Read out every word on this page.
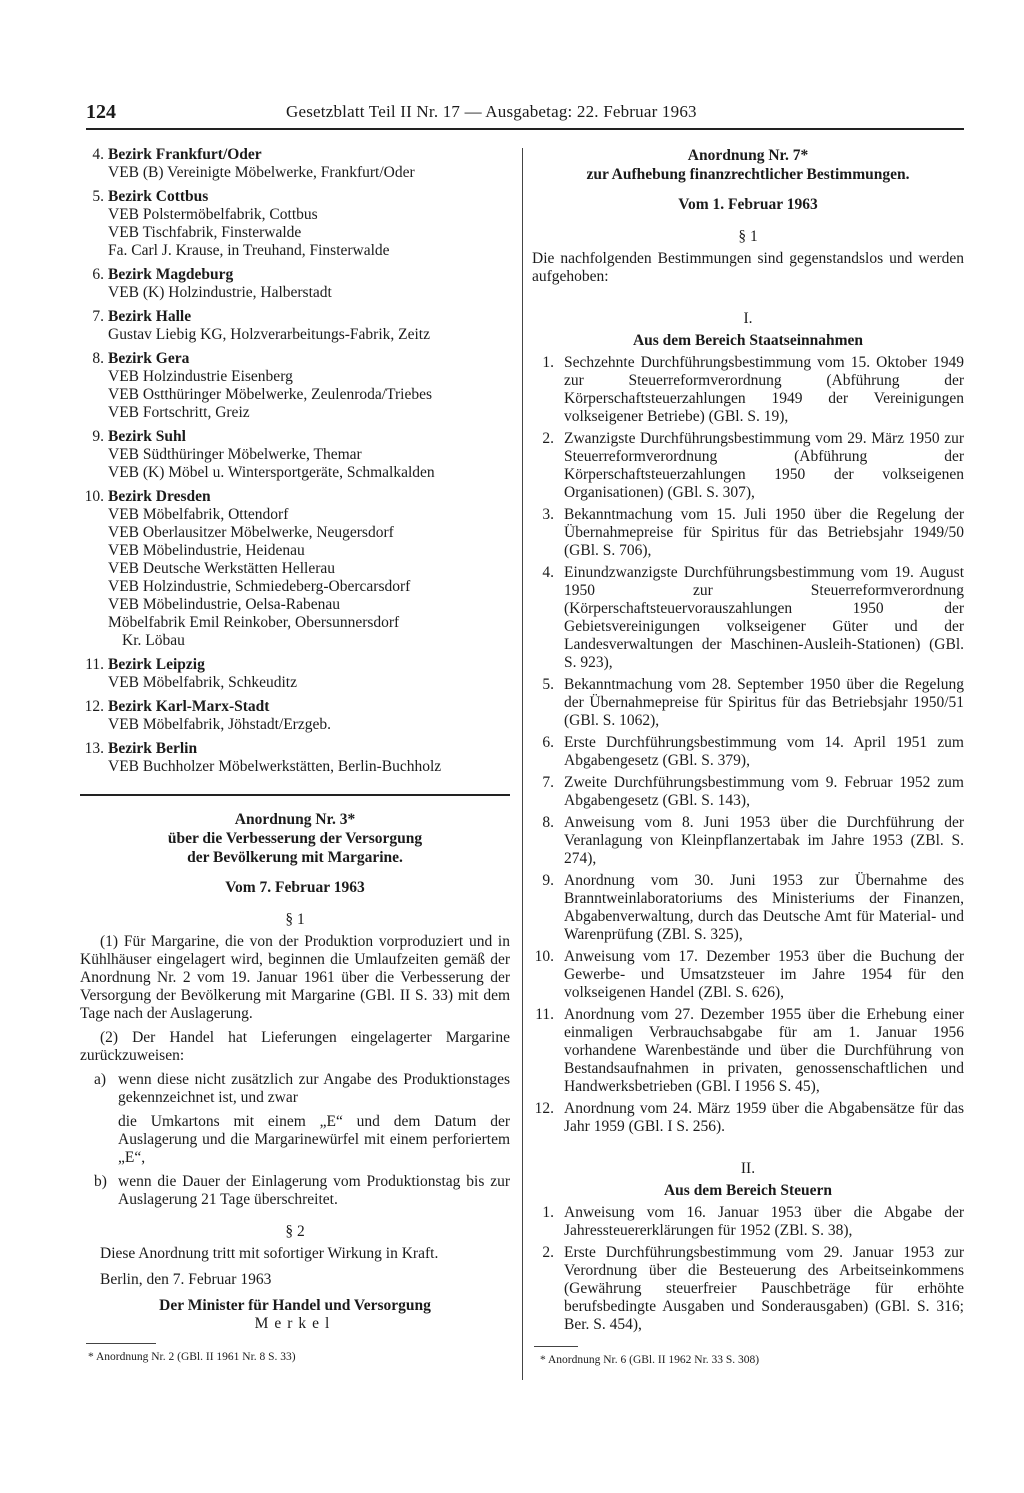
124	Gesetzblatt Teil II Nr. 17 — Ausgabetag: 22. Februar 1963
4. Bezirk Frankfurt/Oder
VEB (B) Vereinigte Möbelwerke, Frankfurt/Oder
5. Bezirk Cottbus
VEB Polstermöbelfabrik, Cottbus
VEB Tischfabrik, Finsterwalde
Fa. Carl J. Krause, in Treuhand, Finsterwalde
6. Bezirk Magdeburg
VEB (K) Holzindustrie, Halberstadt
7. Bezirk Halle
Gustav Liebig KG, Holzverarbeitungs-Fabrik, Zeitz
8. Bezirk Gera
VEB Holzindustrie Eisenberg
VEB Ostthüringer Möbelwerke, Zeulenroda/Triebes
VEB Fortschritt, Greiz
9. Bezirk Suhl
VEB Südthüringer Möbelwerke, Themar
VEB (K) Möbel u. Wintersportgeräte, Schmalkalden
10. Bezirk Dresden
VEB Möbelfabrik, Ottendorf
VEB Oberlausitzer Möbelwerke, Neugersdorf
VEB Möbelindustrie, Heidenau
VEB Deutsche Werkstätten Hellerau
VEB Holzindustrie, Schmiedeberg-Obercarsdorf
VEB Möbelindustrie, Oelsa-Rabenau
Möbelfabrik Emil Reinkober, Obersunnersdorf
Kr. Löbau
11. Bezirk Leipzig
VEB Möbelfabrik, Schkeuditz
12. Bezirk Karl-Marx-Stadt
VEB Möbelfabrik, Jöhstadt/Erzgeb.
13. Bezirk Berlin
VEB Buchholzer Möbelwerkstätten, Berlin-Buchholz
Anordnung Nr. 3*
über die Verbesserung der Versorgung
der Bevölkerung mit Margarine.
Vom 7. Februar 1963
§ 1

(1) Für Margarine, die von der Produktion vorproduziert und in Kühlhäuser eingelagert wird, beginnen die Umlaufzeiten gemäß der Anordnung Nr. 2 vom 19. Januar 1961 über die Verbesserung der Versorgung der Bevölkerung mit Margarine (GBl. II S. 33) mit dem Tage nach der Auslagerung.

(2) Der Handel hat Lieferungen eingelagerter Margarine zurückzuweisen:

a) wenn diese nicht zusätzlich zur Angabe des Produktionstages gekennzeichnet ist, und zwar
die Umkartons mit einem „E“ und dem Datum der Auslagerung und die Margarinewürfel mit einem perforiertem „E“,
b) wenn die Dauer der Einlagerung vom Produktionstag bis zur Auslagerung 21 Tage überschreitet.
§ 2

Diese Anordnung tritt mit sofortiger Wirkung in Kraft.

Berlin, den 7. Februar 1963
Der Minister für Handel und Versorgung
Merkel
* Anordnung Nr. 2 (GBl. II 1961 Nr. 8 S. 33)
Anordnung Nr. 7*
zur Aufhebung finanzrechtlicher Bestimmungen.
Vom 1. Februar 1963
§ 1

Die nachfolgenden Bestimmungen sind gegenstandslos und werden aufgehoben:

I.
Aus dem Bereich Staatseinnahmen
1. Sechzehnte Durchführungsbestimmung vom 15. Oktober 1949 zur Steuerreformverordnung (Abführung der Körperschaftsteuerzahlungen 1949 der Vereinigungen volkseigener Betriebe) (GBl. S. 19),
2. Zwanzigste Durchführungsbestimmung vom 29. März 1950 zur Steuerreformverordnung (Abführung der Körperschaftsteuerzahlungen 1950 der volkseigenen Organisationen) (GBl. S. 307),
3. Bekanntmachung vom 15. Juli 1950 über die Regelung der Übernahmepreise für Spiritus für das Betriebsjahr 1949/50 (GBl. S. 706),
4. Einundzwanzigste Durchführungsbestimmung vom 19. August 1950 zur Steuerreformverordnung (Körperschaftsteuervorauszahlungen 1950 der Gebietsvereinigungen volkseigener Güter und der Landesverwaltungen der Maschinen-Ausleih-Stationen) (GBl. S. 923),
5. Bekanntmachung vom 28. September 1950 über die Regelung der Übernahmepreise für Spiritus für das Betriebsjahr 1950/51 (GBl. S. 1062),
6. Erste Durchführungsbestimmung vom 14. April 1951 zum Abgabengesetz (GBl. S. 379),
7. Zweite Durchführungsbestimmung vom 9. Februar 1952 zum Abgabengesetz (GBl. S. 143),
8. Anweisung vom 8. Juni 1953 über die Durchführung der Veranlagung von Kleinpflanzertabak im Jahre 1953 (ZBl. S. 274),
9. Anordnung vom 30. Juni 1953 zur Übernahme des Branntweinlaboratoriums des Ministeriums der Finanzen, Abgabenverwaltung, durch das Deutsche Amt für Material- und Warenprüfung (ZBl. S. 325),
10. Anweisung vom 17. Dezember 1953 über die Buchung der Gewerbe- und Umsatzsteuer im Jahre 1954 für den volkseigenen Handel (ZBl. S. 626),
11. Anordnung vom 27. Dezember 1955 über die Erhebung einer einmaligen Verbrauchsabgabe für am 1. Januar 1956 vorhandene Warenbestände und über die Durchführung von Bestandsaufnahmen in privaten, genossenschaftlichen und Handwerksbetrieben (GBl. I 1956 S. 45),
12. Anordnung vom 24. März 1959 über die Abgabensätze für das Jahr 1959 (GBl. I S. 256).
II.
Aus dem Bereich Steuern
1. Anweisung vom 16. Januar 1953 über die Abgabe der Jahressteuererklärungen für 1952 (ZBl. S. 38),
2. Erste Durchführungsbestimmung vom 29. Januar 1953 zur Verordnung über die Besteuerung des Arbeitseinkommens (Gewährung steuerfreier Pauschbeträge für erhöhte berufsbedingte Ausgaben und Sonderausgaben) (GBl. S. 316; Ber. S. 454),
* Anordnung Nr. 6 (GBl. II 1962 Nr. 33 S. 308)
